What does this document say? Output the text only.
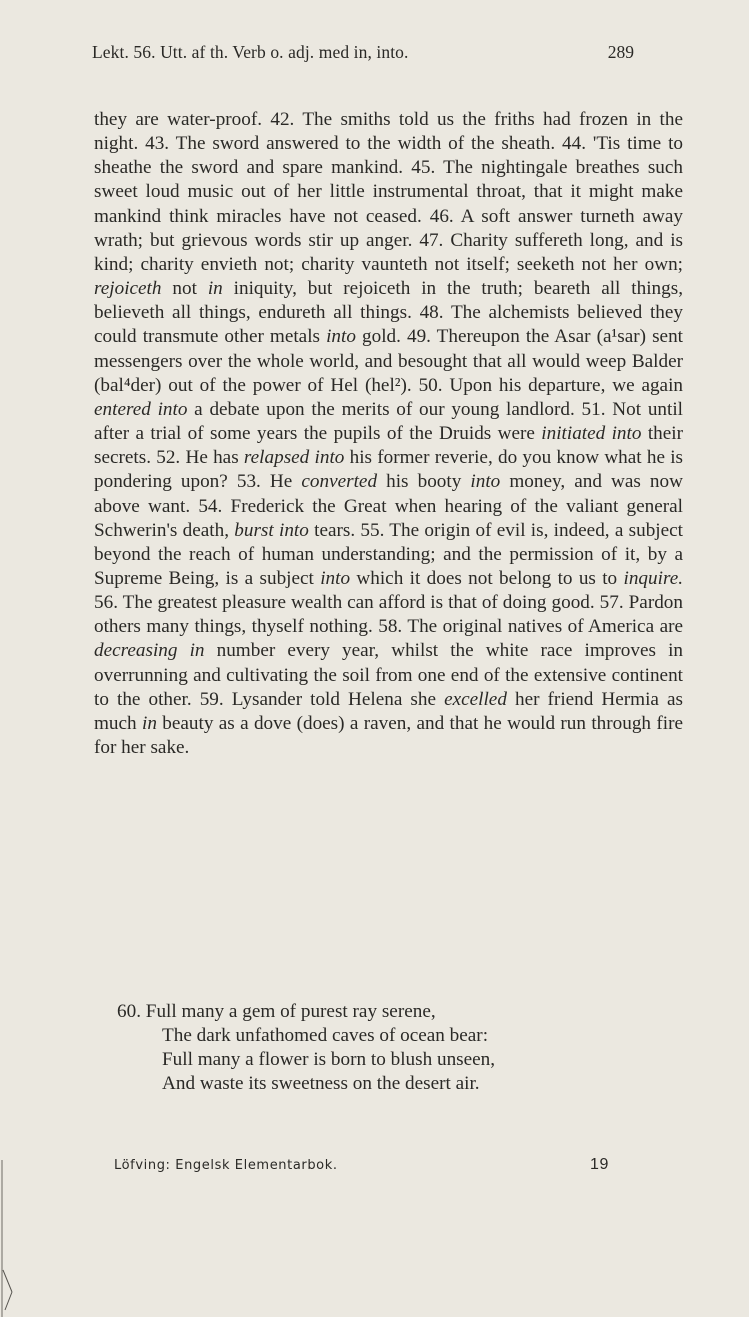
Lekt. 56. Utt. af th. Verb o. adj. med in, into.	289

they are water-proof. 42. The smiths told us the friths had frozen in the night. 43. The sword answered to the width of the sheath. 44. 'Tis time to sheathe the sword and spare mankind. 45. The nightingale breathes such sweet loud music out of her little instrumental throat, that it might make mankind think miracles have not ceased. 46. A soft answer turneth away wrath; but grievous words stir up anger. 47. Charity suffereth long, and is kind; charity envieth not; charity vaunteth not itself; seeketh not her own; rejoiceth not in iniquity, but rejoiceth in the truth; beareth all things, believeth all things, endureth all things. 48. The alchemists believed they could transmute other metals into gold. 49. Thereupon the Asar (a¹sar) sent messengers over the whole world, and besought that all would weep Balder (bal⁴der) out of the power of Hel (hel²). 50. Upon his departure, we again entered into a debate upon the merits of our young landlord. 51. Not until after a trial of some years the pupils of the Druids were initiated into their secrets. 52. He has relapsed into his former reverie, do you know what he is pondering upon? 53. He converted his booty into money, and was now above want. 54. Frederick the Great when hearing of the valiant general Schwerin's death, burst into tears. 55. The origin of evil is, indeed, a subject beyond the reach of human understanding; and the permission of it, by a Supreme Being, is a subject into which it does not belong to us to inquire. 56. The greatest pleasure wealth can afford is that of doing good. 57. Pardon others many things, thyself nothing. 58. The original natives of America are decreasing in number every year, whilst the white race improves in overrunning and cultivating the soil from one end of the extensive continent to the other. 59. Lysander told Helena she excelled her friend Hermia as much in beauty as a dove (does) a raven, and that he would run through fire for her sake.

60. Full many a gem of purest ray serene,
The dark unfathomed caves of ocean bear:
Full many a flower is born to blush unseen,
And waste its sweetness on the desert air.
Löfving: Engelsk Elementarbok.	19
